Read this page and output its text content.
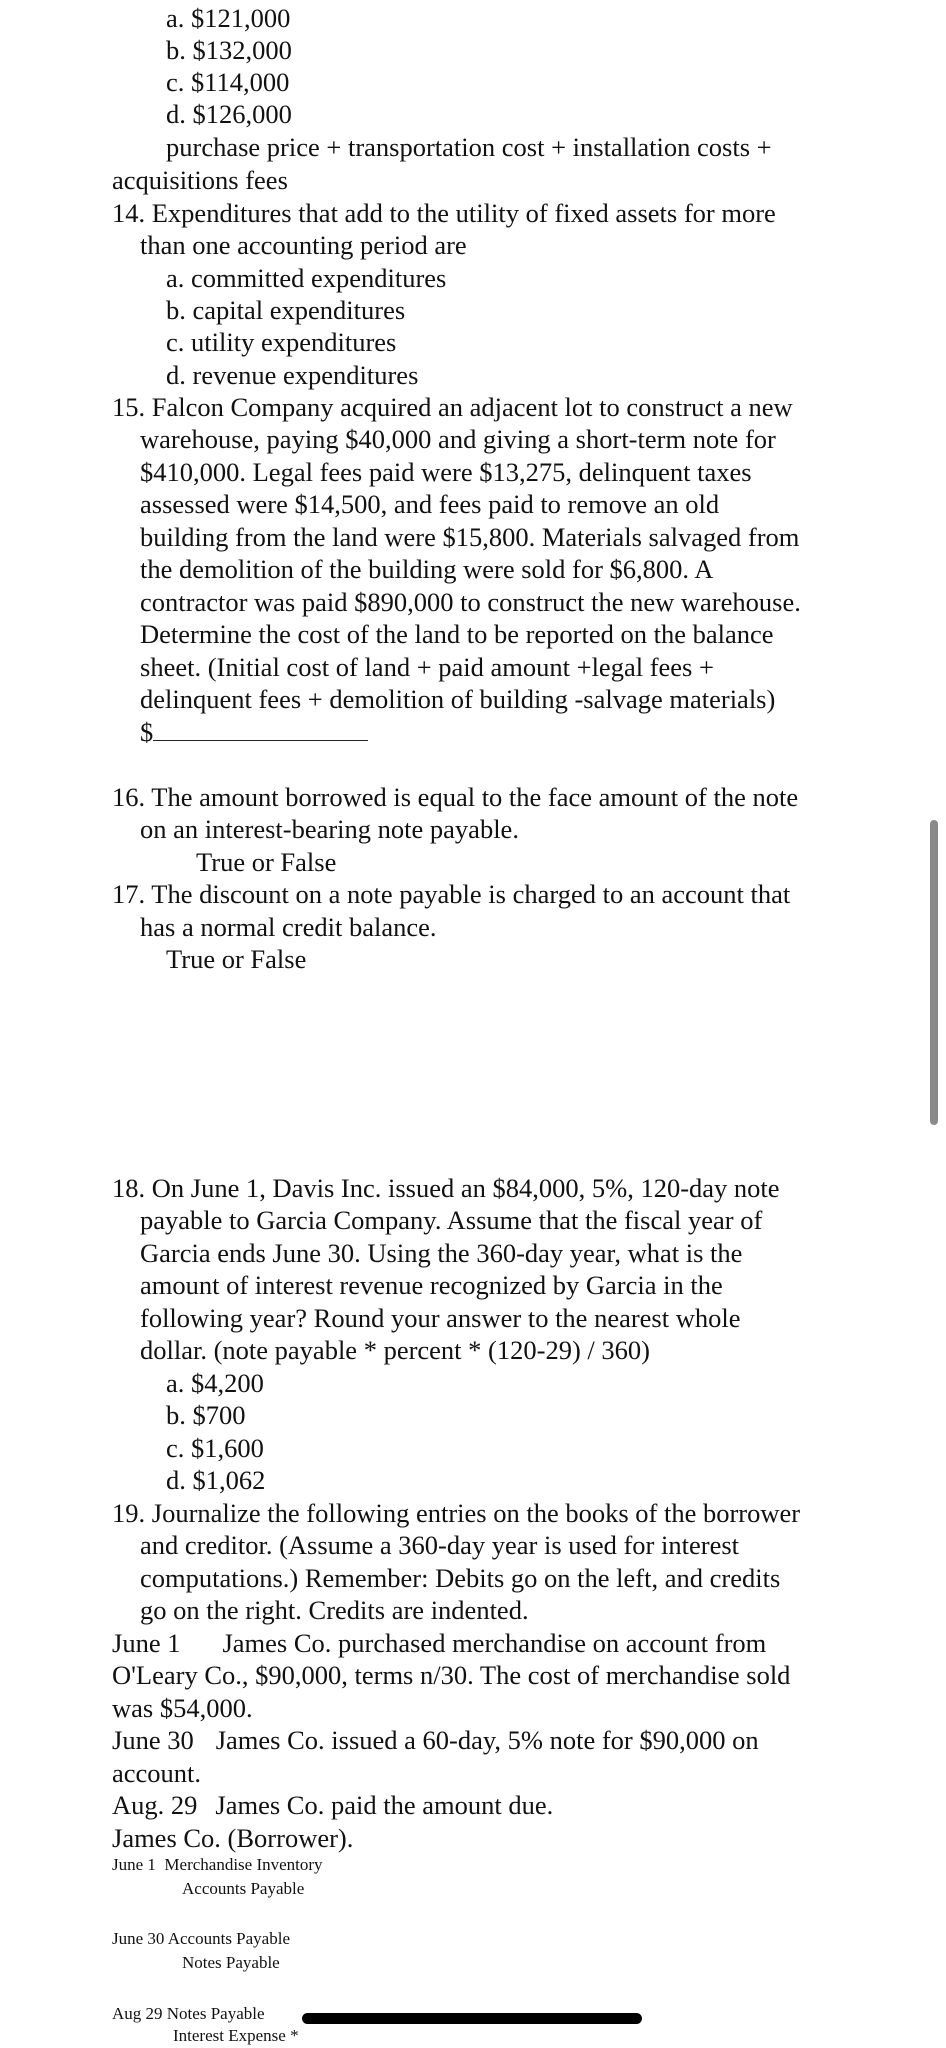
a. $121,000

b. $132,000

c. $114,000

d. $126,000

purchase price + transportation cost + installation costs +

acquisitions fees

14. Expenditures that add to the utility of fixed assets for more

than one accounting period are

a. committed expenditures

b. capital expenditures

c. utility expenditures

d. revenue expenditures

15. Falcon Company acquired an adjacent lot to construct a new

warehouse, paying $40,000 and giving a short-term note for

$410,000. Legal fees paid were $13,275, delinquent taxes

assessed were $14,500, and fees paid to remove an old

building from the land were $15,800. Materials salvaged from

the demolition of the building were sold for $6,800. A

contractor was paid $890,000 to construct the new warehouse.

Determine the cost of the land to be reported on the balance

sheet. (Initial cost of land + paid amount +legal fees +

delinquent fees + demolition of building -salvage materials)

$

16. The amount borrowed is equal to the face amount of the note

on an interest-bearing note payable.

True or False

17. The discount on a note payable is charged to an account that

has a normal credit balance.

True or False

18. On June 1, Davis Inc. issued an $84,000, 5%, 120-day note

payable to Garcia Company. Assume that the fiscal year of

Garcia ends June 30. Using the 360-day year, what is the

amount of interest revenue recognized by Garcia in the

following year? Round your answer to the nearest whole

dollar. (note payable * percent * (120-29) / 360)

a. $4,200

b. $700

c. $1,600

d. $1,062

19. Journalize the following entries on the books of the borrower

and creditor. (Assume a 360-day year is used for interest

computations.) Remember: Debits go on the left, and credits

go on the right. Credits are indented.

June 1 James Co. purchased merchandise on account from

O'Leary Co., $90,000, terms n/30. The cost of merchandise sold

was $54,000.

June 30 James Co. issued a 60-day, 5% note for $90,000 on

account.

Aug. 29 James Co. paid the amount due.

James Co. (Borrower).

June 1  Merchandise Inventory

Accounts Payable

June 30 Accounts Payable

Notes Payable

Aug 29 Notes Payable

Interest Expense *
